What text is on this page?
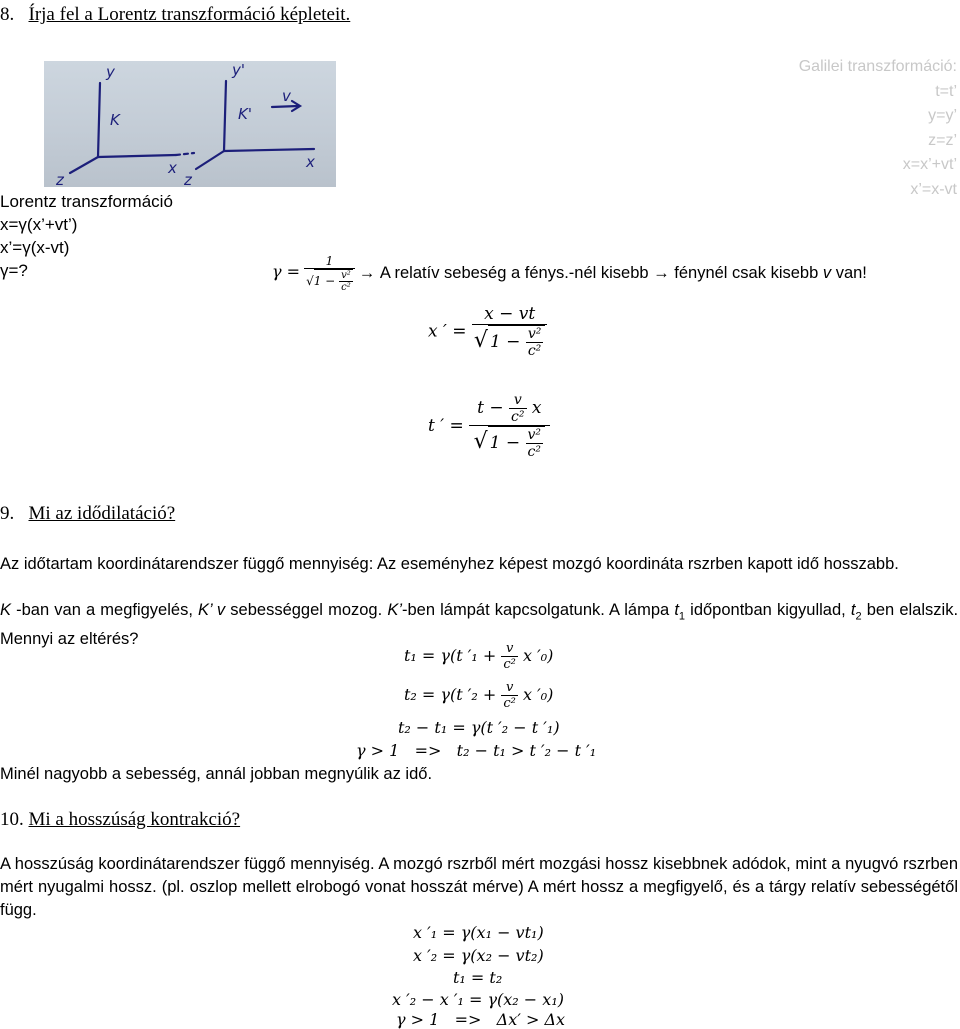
8. Írja fel a Lorentz transzformáció képleteit.
Galilei transzformáció:
t=t’
y=y’
z=z’
x=x’+vt’
x’=x-vt
y	y'
K	K'
x	x
v
z	z
Lorentz transzformáció
x=γ(x’+vt’)
x’=γ(x-vt)
γ=?	$\gamma = \frac{1}{√1 - \frac{\text{v²}}{\text{c²}}} \to A$ relatív sebeség a fénys.-nél kisebb → fénynél csak kisebb v van!
x ′ = $\frac{x - vt}{√ 1 - \frac{\text{v²}}{\text{c²}}}$
t ′ = $\frac{t - \frac{v}{\text{c²}} x}{√ 1 - \frac{\text{v²}}{\text{c²}}}$
9. Mi az idődilatáció?
Az időtartam koordinátarendszer függő mennyiség: Az eseményhez képest mozgó koordináta rszrben kapott idő hosszabb.
K -ban van a megfigyelés, K’ v sebességgel mozog. K’-ben lámpát kapcsolgatunk. A lámpa $t_1$ időpontban kigyullad, $t_2$ ben elalszik. Mennyi az eltérés?
t₁ = γ(t $'_1 + \frac{v}{\text{c²}}$ x ′₀)
t₂ = γ(t $'_2 + \frac{v}{\text{c²}}$ x ′₀)
t₂ − t₁ = γ(t ′₂ − t ′₁)
γ > 1   =>   t₂ − t₁ > t ′₂ − t ′₁
Minél nagyobb a sebesség, annál jobban megnyúlik az idő.
10. Mi a hosszúság kontrakció?
A hosszúság koordinátarendszer függő mennyiség. A mozgó rszrből mért mozgási hossz kisebbnek adódok, mint a nyugvó rszrben mért nyugalmi hossz. (pl. oszlop mellett elrobogó vonat hosszát mérve) A mért hossz a megfigyelő, és a tárgy relatív sebességétől függ.
x ′₁ = γ(x₁ − vt₁)
x ′₂ = γ(x₂ − vt₂)
t₁ = t₂
x ′₂ − x ′₁ = γ(x₂ − x₁)
γ > 1   =>   Δx′ > Δx
